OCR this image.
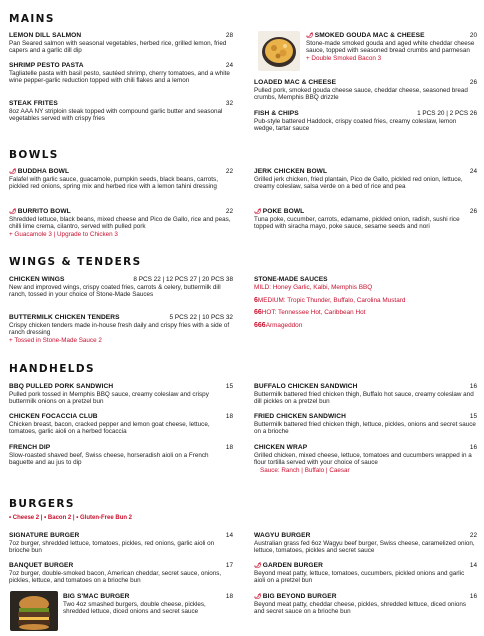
MAINS
LEMON DILL SALMON	28
Pan Seared salmon with seasonal vegetables, herbed rice, grilled lemon, fried capers and a garlic dill dip
SHRIMP PESTO PASTA	24
Tagliatelle pasta with basil pesto, sautéed shrimp, cherry tomatoes, and a white wine pepper-garlic reduction topped with chili flakes and a lemon
STEAK FRITES	32
8oz AAA NY striploin steak topped with compound garlic butter and seasonal vegetables served with crispy fries
🌶SMOKED GOUDA MAC & CHEESE	20
Stone-made smoked gouda and aged white cheddar cheese sauce, topped with seasoned bread crumbs and parmesan
+ Double Smoked Bacon 3
LOADED MAC & CHEESE	26
Pulled pork, smoked gouda cheese sauce, cheddar cheese, seasoned bread crumbs, Memphis BBQ drizzle
FISH & CHIPS	1 PCS 20 | 2 PCS 26
Pub-style battered Haddock, crispy coated fries, creamy coleslaw, lemon wedge, tartar sauce
BOWLS
🌶BUDDHA BOWL	22
Falafel with garlic sauce, guacamole, pumpkin seeds, black beans, carrots, pickled red onions, spring mix and herbed rice with a lemon tahini dressing
🌶BURRITO BOWL	22
Shredded lettuce, black beans, mixed cheese and Pico de Gallo, rice and peas, chilli lime crema, cilantro, served with pulled pork
+ Guacamole 3 | Upgrade to Chicken 3
JERK CHICKEN BOWL	24
Grilled jerk chicken, fried plantain, Pico de Gallo, pickled red onion, lettuce, creamy coleslaw, salsa verde on a bed of rice and pea
🌶POKE BOWL	26
Tuna poke, cucumber, carrots, edamame, pickled onion, radish, sushi rice topped with siracha mayo, poke sauce, sesame seeds and nori
WINGS & TENDERS
CHICKEN WINGS	8 PCS 22 | 12 PCS 27 | 20 PCS 38
New and improved wings, crispy coated fries, carrots & celery, buttermilk dill ranch, tossed in your choice of Stone-Made Sauces
BUTTERMILK CHICKEN TENDERS	5 PCS 22 | 10 PCS 32
Crispy chicken tenders made in-house fresh daily and crispy fries with a side of ranch dressing
+ Tossed in Stone-Made Sauce 2
STONE-MADE SAUCES
MILD: Honey Garlic, Kalbi, Memphis BBQ
6MEDIUM: Tropic Thunder, Buffalo, Carolina Mustard
66HOT: Tennessee Hot, Caribbean Hot
666Armageddon
HANDHELDS
BBQ PULLED PORK SANDWICH	15
Pulled pork tossed in Memphis BBQ sauce, creamy coleslaw and crispy buttermilk onions on a pretzel bun
CHICKEN FOCACCIA CLUB	18
Chicken breast, bacon, cracked pepper and lemon goat cheese, lettuce, tomatoes, garlic aioli on a herbed focaccia
FRENCH DIP	18
Slow-roasted shaved beef, Swiss cheese, horseradish aioli on a French baguette and au jus to dip
BUFFALO CHICKEN SANDWICH	16
Buttermilk battered fried chicken thigh, Buffalo hot sauce, creamy coleslaw and dill pickles on a pretzel bun
FRIED CHICKEN SANDWICH	15
Buttermilk battered fried chicken thigh, lettuce, pickles, onions and secret sauce on a brioche
CHICKEN WRAP	16
Grilled chicken, mixed cheese, lettuce, tomatoes and cucumbers wrapped in a flour tortilla served with your choice of sauce
Sauce: Ranch | Buffalo | Caesar
BURGERS
• Cheese 2 | • Bacon 2 | • Gluten-Free Bun 2
SIGNATURE BURGER	14
7oz burger, shredded lettuce, tomatoes, pickles, red onions, garlic aioli on brioche bun
BANQUET BURGER	17
7oz burger, double-smoked bacon, American cheddar, secret sauce, onions, pickles, lettuce, and tomatoes on a brioche bun
BIG S'MAC BURGER	18
Two 4oz smashed burgers, double cheese, pickles, shredded lettuce, diced onions and secret sauce
WAGYU BURGER	22
Australian grass fed 6oz Wagyu beef burger, Swiss cheese, caramelized onion, lettuce, tomatoes, pickles and secret sauce
🌶GARDEN BURGER	14
Beyond meat patty, lettuce, tomatoes, cucumbers, pickled onions and garlic aioli on a pretzel bun
🌶BIG BEYOND BURGER	16
Beyond meat patty, cheddar cheese, pickles, shredded lettuce, diced onions and secret sauce on a brioche bun
